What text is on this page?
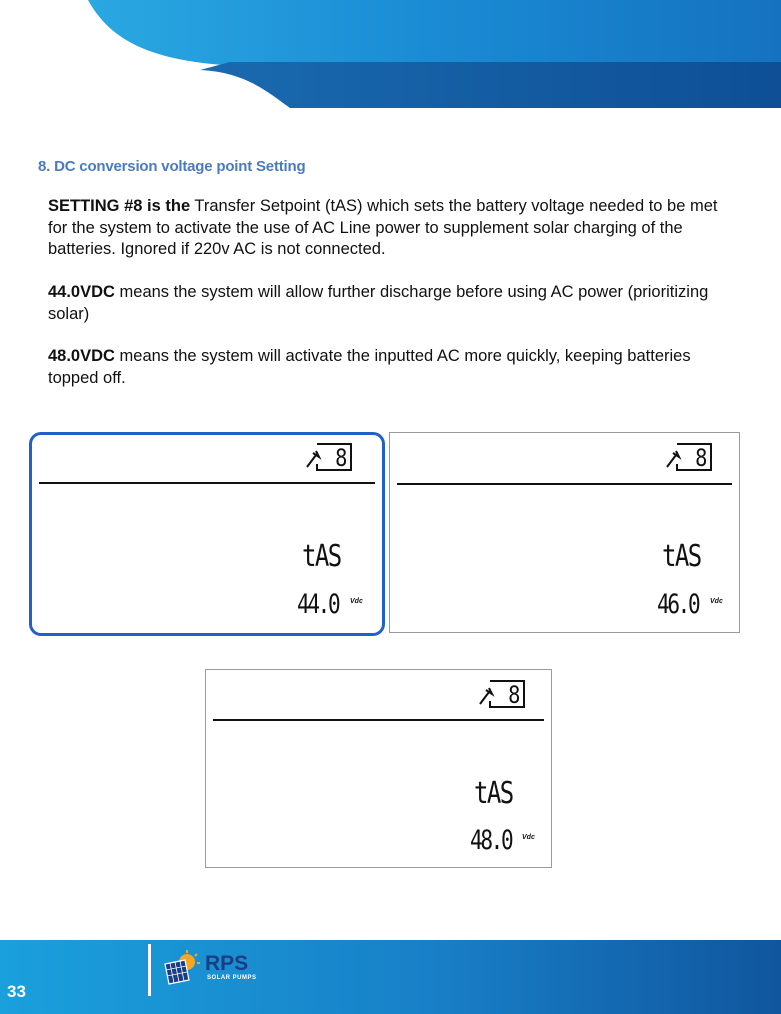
8. DC conversion voltage point Setting
SETTING #8 is the Transfer Setpoint (tAS) which sets the battery voltage needed to be met for the system to activate the use of AC Line power to supplement solar charging of the batteries. Ignored if 220v AC is not connected.
44.0VDC means the system will allow further discharge before using AC power (prioritizing solar)
48.0VDC means the system will activate the inputted AC more quickly, keeping batteries topped off.
8
tAS
44.0 Vdc
8
tAS
46.0 Vdc
8
tAS
48.0 Vdc
33
RPS
SOLAR PUMPS
